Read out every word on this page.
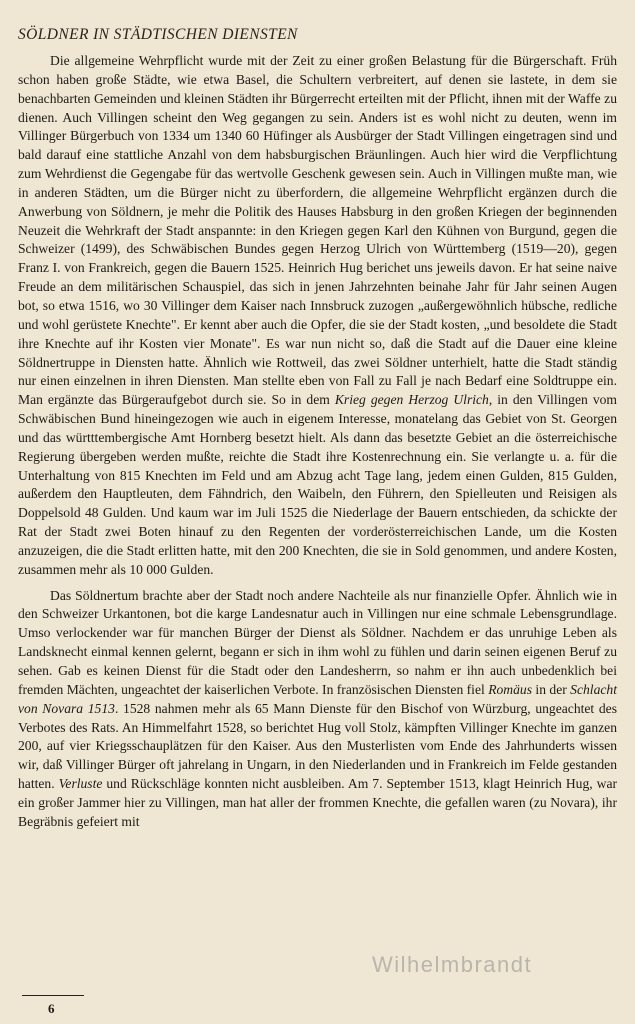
SÖLDNER IN STÄDTISCHEN DIENSTEN

Die allgemeine Wehrpflicht wurde mit der Zeit zu einer großen Belastung für die Bürgerschaft. Früh schon haben große Städte, wie etwa Basel, die Schultern verbreitert, auf denen sie lastete, in dem sie benachbarten Gemeinden und kleinen Städten ihr Bürgerrecht erteilten mit der Pflicht, ihnen mit der Waffe zu dienen. Auch Villingen scheint den Weg gegangen zu sein. Anders ist es wohl nicht zu deuten, wenn im Villinger Bürgerbuch von 1334 um 1340 60 Hüfinger als Ausbürger der Stadt Villingen eingetragen sind und bald darauf eine stattliche Anzahl von dem habsburgischen Bräunlingen. Auch hier wird die Verpflichtung zum Wehrdienst die Gegengabe für das wertvolle Geschenk gewesen sein. Auch in Villingen mußte man, wie in anderen Städten, um die Bürger nicht zu überfordern, die allgemeine Wehrpflicht ergänzen durch die Anwerbung von Söldnern, je mehr die Politik des Hauses Habsburg in den großen Kriegen der beginnenden Neuzeit die Wehrkraft der Stadt anspannte: in den Kriegen gegen Karl den Kühnen von Burgund, gegen die Schweizer (1499), des Schwäbischen Bundes gegen Herzog Ulrich von Württemberg (1519—20), gegen Franz I. von Frankreich, gegen die Bauern 1525. Heinrich Hug berichet uns jeweils davon. Er hat seine naive Freude an dem militärischen Schauspiel, das sich in jenen Jahrzehnten beinahe Jahr für Jahr seinen Augen bot, so etwa 1516, wo 30 Villinger dem Kaiser nach Innsbruck zuzogen „außergewöhnlich hübsche, redliche und wohl gerüstete Knechte". Er kennt aber auch die Opfer, die sie der Stadt kosten, „und besoldete die Stadt ihre Knechte auf ihr Kosten vier Monate". Es war nun nicht so, daß die Stadt auf die Dauer eine kleine Söldnertruppe in Diensten hatte. Ähnlich wie Rottweil, das zwei Söldner unterhielt, hatte die Stadt ständig nur einen einzelnen in ihren Diensten. Man stellte eben von Fall zu Fall je nach Bedarf eine Soldtruppe ein. Man ergänzte das Bürgeraufgebot durch sie. So in dem Krieg gegen Herzog Ulrich, in den Villingen vom Schwäbischen Bund hineingezogen wie auch in eigenem Interesse, monatelang das Gebiet von St. Georgen und das württtembergische Amt Hornberg besetzt hielt. Als dann das besetzte Gebiet an die österreichische Regierung übergeben werden mußte, reichte die Stadt ihre Kostenrechnung ein. Sie verlangte u. a. für die Unterhaltung von 815 Knechten im Feld und am Abzug acht Tage lang, jedem einen Gulden, 815 Gulden, außerdem den Hauptleuten, dem Fähndrich, den Waibeln, den Führern, den Spielleuten und Reisigen als Doppelsold 48 Gulden. Und kaum war im Juli 1525 die Niederlage der Bauern entschieden, da schickte der Rat der Stadt zwei Boten hinauf zu den Regenten der vorderösterreichischen Lande, um die Kosten anzuzeigen, die die Stadt erlitten hatte, mit den 200 Knechten, die sie in Sold genommen, und andere Kosten, zusammen mehr als 10 000 Gulden.

Das Söldnertum brachte aber der Stadt noch andere Nachteile als nur finanzielle Opfer. Ähnlich wie in den Schweizer Urkantonen, bot die karge Landesnatur auch in Villingen nur eine schmale Lebensgrundlage. Umso verlockender war für manchen Bürger der Dienst als Söldner. Nachdem er das unruhige Leben als Landsknecht einmal kennen gelernt, begann er sich in ihm wohl zu fühlen und darin seinen eigenen Beruf zu sehen. Gab es keinen Dienst für die Stadt oder den Landesherrn, so nahm er ihn auch unbedenklich bei fremden Mächten, ungeachtet der kaiserlichen Verbote. In französischen Diensten fiel Romäus in der Schlacht von Novara 1513. 1528 nahmen mehr als 65 Mann Dienste für den Bischof von Würzburg, ungeachtet des Verbotes des Rats. An Himmelfahrt 1528, so berichtet Hug voll Stolz, kämpften Villinger Knechte im ganzen 200, auf vier Kriegsschauplätzen für den Kaiser. Aus den Musterlisten vom Ende des Jahrhunderts wissen wir, daß Villinger Bürger oft jahrelang in Ungarn, in den Niederlanden und in Frankreich im Felde gestanden hatten. Verluste und Rückschläge konnten nicht ausbleiben. Am 7. September 1513, klagt Heinrich Hug, war ein großer Jammer hier zu Villingen, man hat aller der frommen Knechte, die gefallen waren (zu Novara), ihr Begräbnis gefeiert mit

Wilhelmbrandt
6
